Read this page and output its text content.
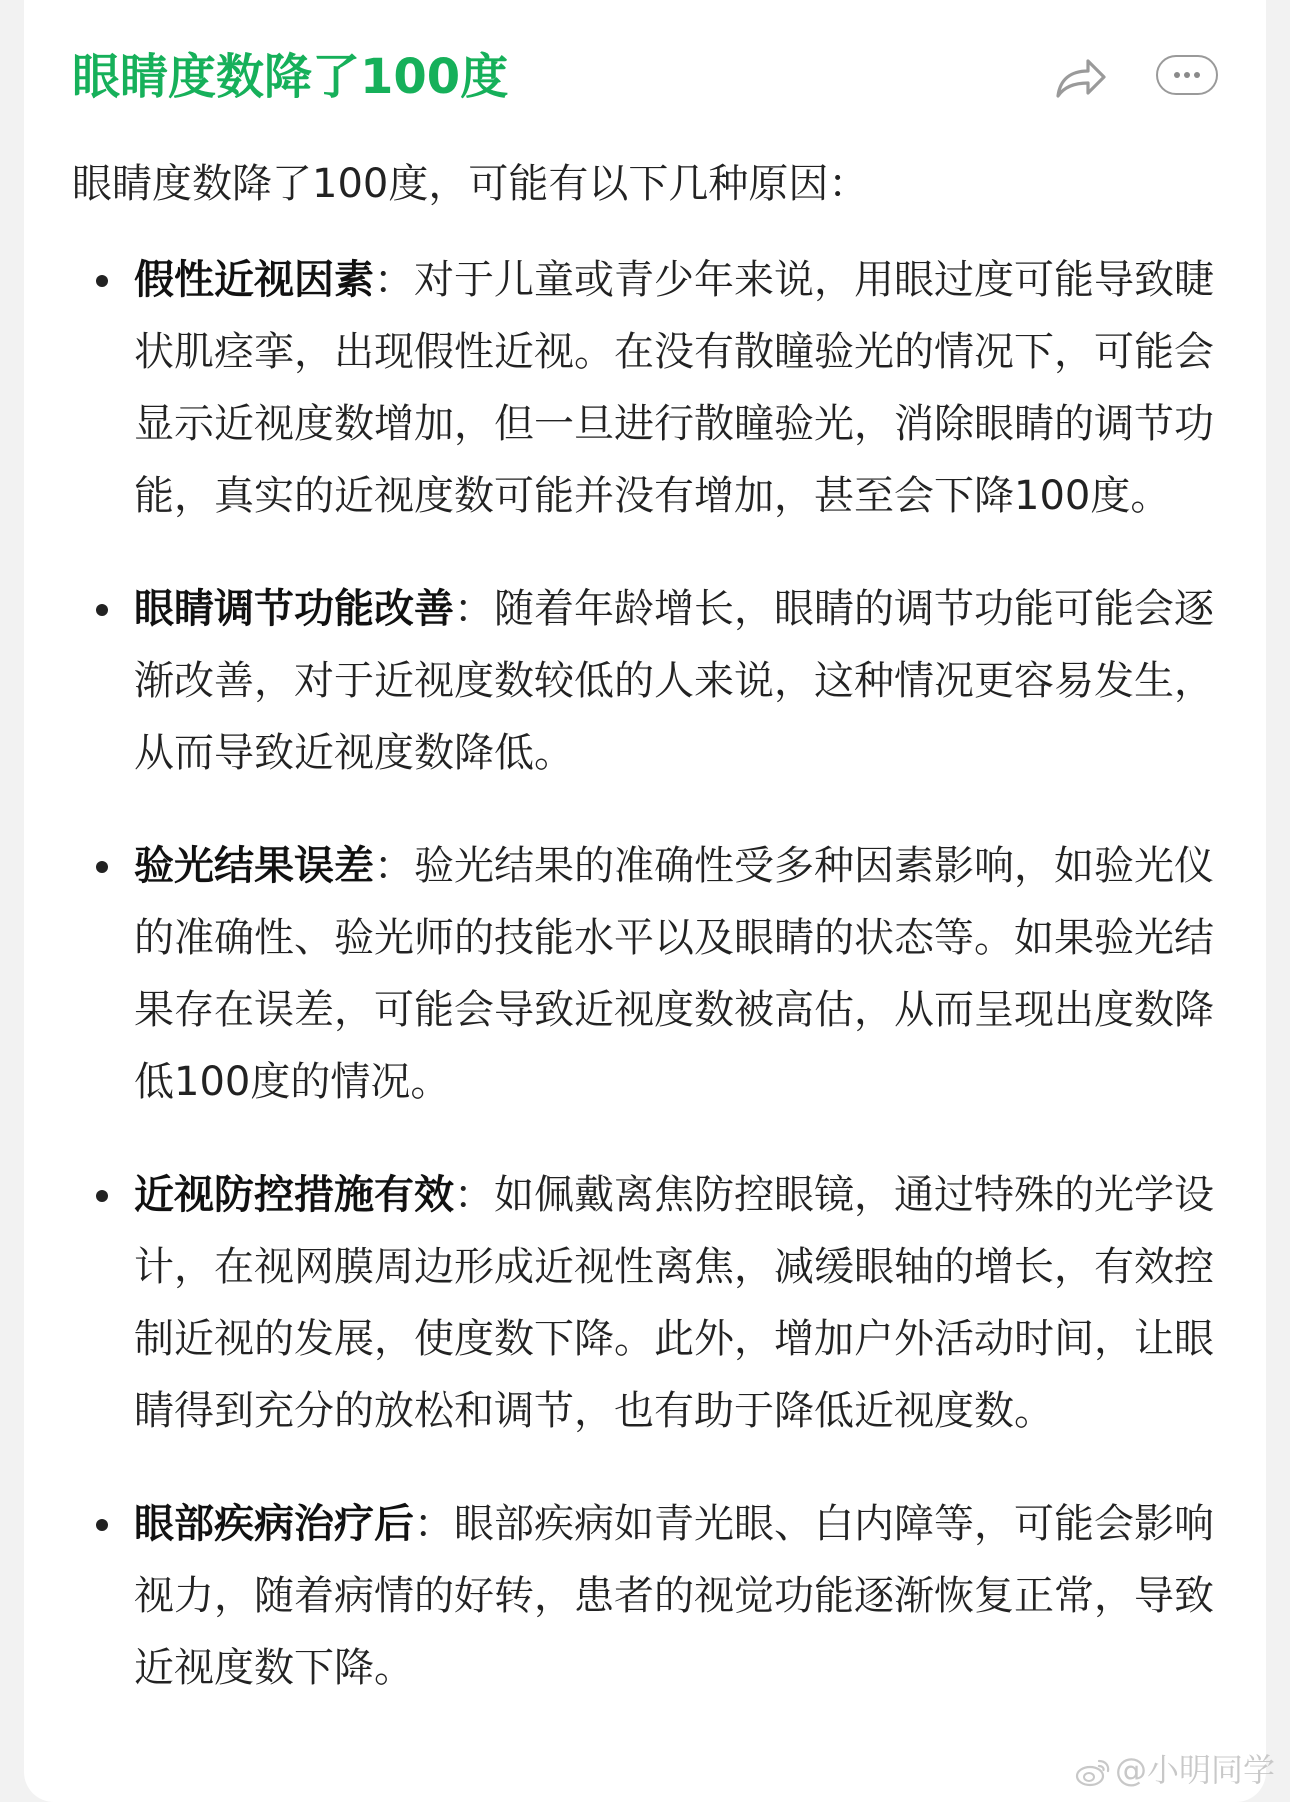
眼睛度数降了100度
眼睛度数降了100度，可能有以下几种原因：
假性近视因素：对于儿童或青少年来说，用眼过度可能导致睫状肌痉挛，出现假性近视。在没有散瞳验光的情况下，可能会显示近视度数增加，但一旦进行散瞳验光，消除眼睛的调节功能，真实的近视度数可能并没有增加，甚至会下降100度。
眼睛调节功能改善：随着年龄增长，眼睛的调节功能可能会逐渐改善，对于近视度数较低的人来说，这种情况更容易发生，从而导致近视度数降低。
验光结果误差：验光结果的准确性受多种因素影响，如验光仪的准确性、验光师的技能水平以及眼睛的状态等。如果验光结果存在误差，可能会导致近视度数被高估，从而呈现出度数降低100度的情况。
近视防控措施有效：如佩戴离焦防控眼镜，通过特殊的光学设计，在视网膜周边形成近视性离焦，减缓眼轴的增长，有效控制近视的发展，使度数下降。此外，增加户外活动时间，让眼睛得到充分的放松和调节，也有助于降低近视度数。
眼部疾病治疗后：眼部疾病如青光眼、白内障等，可能会影响视力，随着病情的好转，患者的视觉功能逐渐恢复正常，导致近视度数下降。
@小明同学
